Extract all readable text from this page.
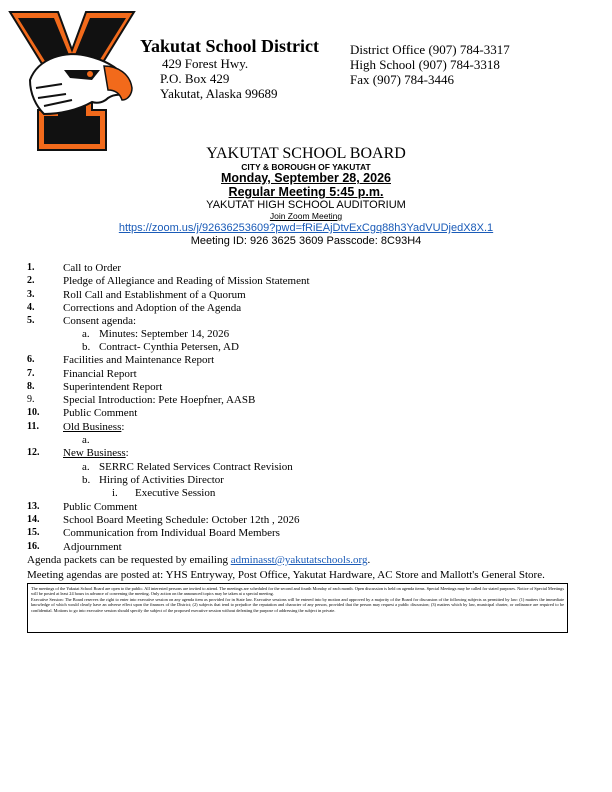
Yakutat School District
429 Forest Hwy.
P.O. Box 429
Yakutat, Alaska 99689
District Office (907) 784-3317
High School (907) 784-3318
Fax (907) 784-3446
YAKUTAT SCHOOL BOARD
CITY & BOROUGH OF YAKUTAT
Monday, September 28, 2026
Regular Meeting 5:45 p.m.
YAKUTAT HIGH SCHOOL AUDITORIUM
Join Zoom Meeting
https://zoom.us/j/92636253609?pwd=fRiEAjDtvExCgq88h3YadVUDjedX8X.1
Meeting ID: 926 3625 3609 Passcode: 8C93H4
1.	Call to Order
2.	Pledge of Allegiance and Reading of Mission Statement
3.	Roll Call and Establishment of a Quorum
4.	Corrections and Adoption of the Agenda
5.	Consent agenda:
a. Minutes: September 14, 2026
b. Contract- Cynthia Petersen, AD
6.	Facilities and Maintenance Report
7.	Financial Report
8.	Superintendent Report
9.	Special Introduction: Pete Hoepfner, AASB
10. Public Comment
11. Old Business:
a.
12. New Business:
a. SERRC Related Services Contract Revision
b. Hiring of Activities Director
i. Executive Session
13. Public Comment
14. School Board Meeting Schedule: October 12th , 2026
15. Communication from Individual Board Members
16. Adjournment
Agenda packets can be requested by emailing adminasst@yakutatschools.org.
Meeting agendas are posted at: YHS Entryway, Post Office, Yakutat Hardware, AC Store and Mallott's General Store.
The meetings of the Yakutat School Board are open to the public. All interested persons are invited to attend. The meetings are scheduled for the second and fourth Monday of each month. Open discussion is held on agenda items. Special Meetings may be called for stated purposes. Notice of Special Meetings will be posted at least 24 hours in advance of convening the meeting. Only action on the announced topics may be taken at a special meeting.
Executive Session: The Board reserves the right to enter into executive session on any agenda item as provided for in State law. Executive sessions will be entered into by motion and approved by a majority of the Board for discussion of the following subjects as permitted by law: (1) matters the immediate knowledge of which would clearly have an adverse effect upon the finances of the District; (2) subjects that tend to prejudice the reputation and character of any person, provided that the person may request a public discussion; (3) matters which by law, municipal charter, or ordinance are required to be confidential. Motions to go into executive session should specify the subject of the proposed executive session without defeating the purpose of addressing the subject in private.
